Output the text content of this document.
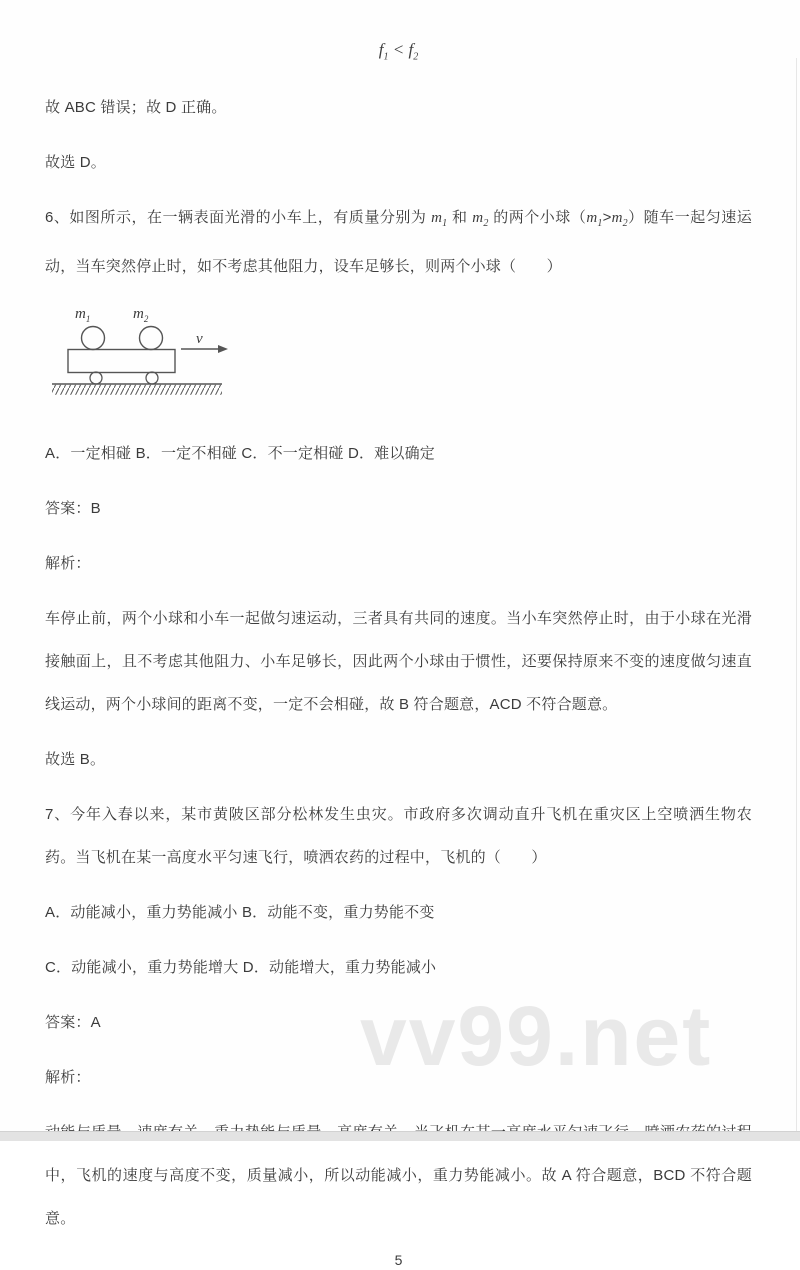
vv99.net
$f_1 < f_2$

故 ABC 错误；故 D 正确。

故选 D。

6、如图所示，在一辆表面光滑的小车上，有质量分别为 $m_1$ 和 $m_2$ 的两个小球$(m_1>m_2)$随车一起匀速运动，当车突然停止时，如不考虑其他阻力，设车足够长，则两个小球（　　）

$m_1$	$m_2$
v

A．一定相碰 B．一定不相碰 C．不一定相碰 D．难以确定

答案：B

解析：

车停止前，两个小球和小车一起做匀速运动，三者具有共同的速度。当小车突然停止时，由于小球在光滑接触面上，且不考虑其他阻力、小车足够长，因此两个小球由于惯性，还要保持原来不变的速度做匀速直线运动，两个小球间的距离不变，一定不会相碰，故 B 符合题意，ACD 不符合题意。

故选 B。

7、今年入春以来，某市黄陂区部分松林发生虫灾。市政府多次调动直升飞机在重灾区上空喷洒生物农药。当飞机在某一高度水平匀速飞行，喷洒农药的过程中，飞机的（　　）

A．动能减小，重力势能减小 B．动能不变，重力势能不变

C．动能减小，重力势能增大 D．动能增大，重力势能减小

答案：A

解析：

中，飞机的速度与高度不变，质量减小，所以动能减小，重力势能减小。故 A 符合题意，BCD 不符合题意。

5
